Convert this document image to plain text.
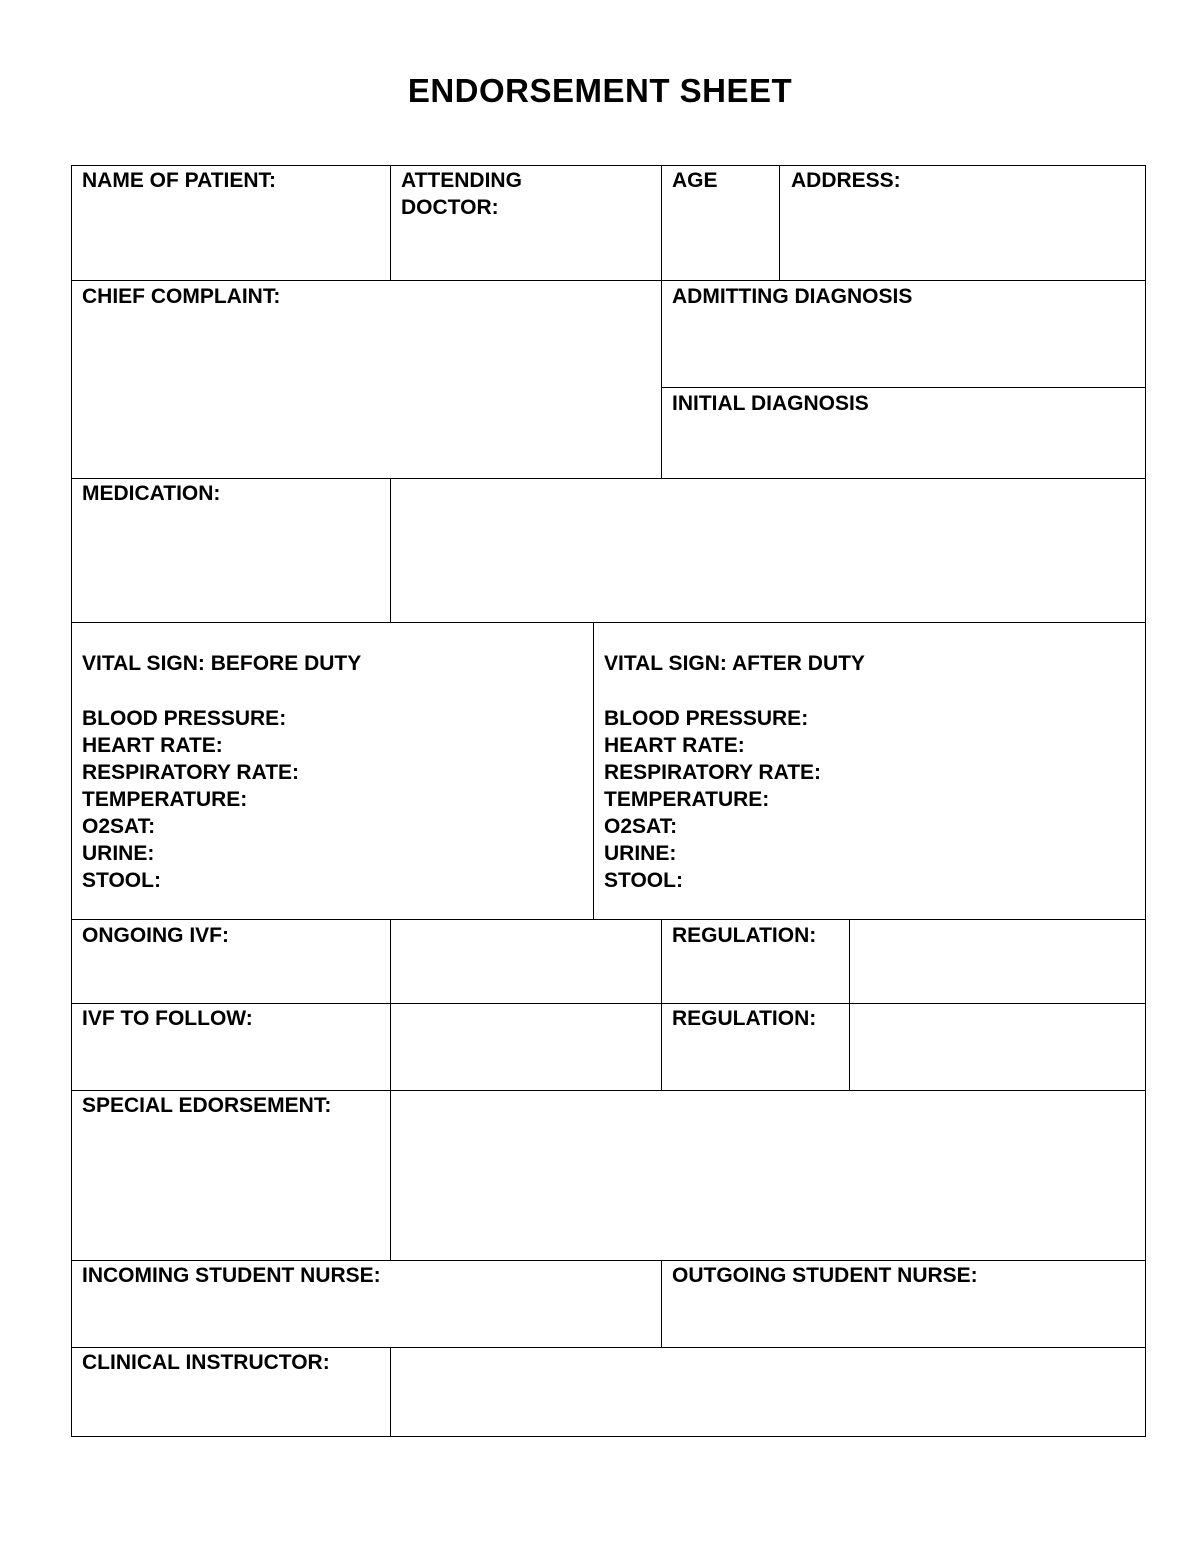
ENDORSEMENT SHEET
NAME OF PATIENT:	ATTENDING
DOCTOR:
AGE	ADDRESS:
CHIEF COMPLAINT:	ADMITTING DIAGNOSIS
INITIAL DIAGNOSIS
MEDICATION:
VITAL SIGN: BEFORE DUTY
BLOOD PRESSURE:
HEART RATE:
RESPIRATORY RATE:
TEMPERATURE:
O2SAT:
URINE:
STOOL:
VITAL SIGN: AFTER DUTY
BLOOD PRESSURE:
HEART RATE:
RESPIRATORY RATE:
TEMPERATURE:
O2SAT:
URINE:
STOOL:
ONGOING IVF:	REGULATION:
IVF TO FOLLOW:	REGULATION:
SPECIAL EDORSEMENT:
INCOMING STUDENT NURSE:	OUTGOING STUDENT NURSE:
CLINICAL INSTRUCTOR:
